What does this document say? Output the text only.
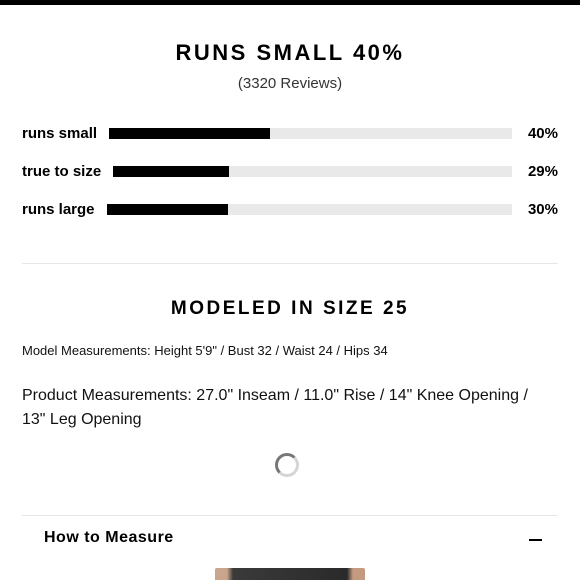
RUNS SMALL 40%
(3320 Reviews)
runs small	40%
true to size	29%
runs large	30%
MODELED IN SIZE 25
Model Measurements: Height 5'9" / Bust 32 / Waist 24 / Hips 34
Product Measurements: 27.0" Inseam / 11.0" Rise / 14" Knee Opening / 13" Leg Opening
How to Measure
